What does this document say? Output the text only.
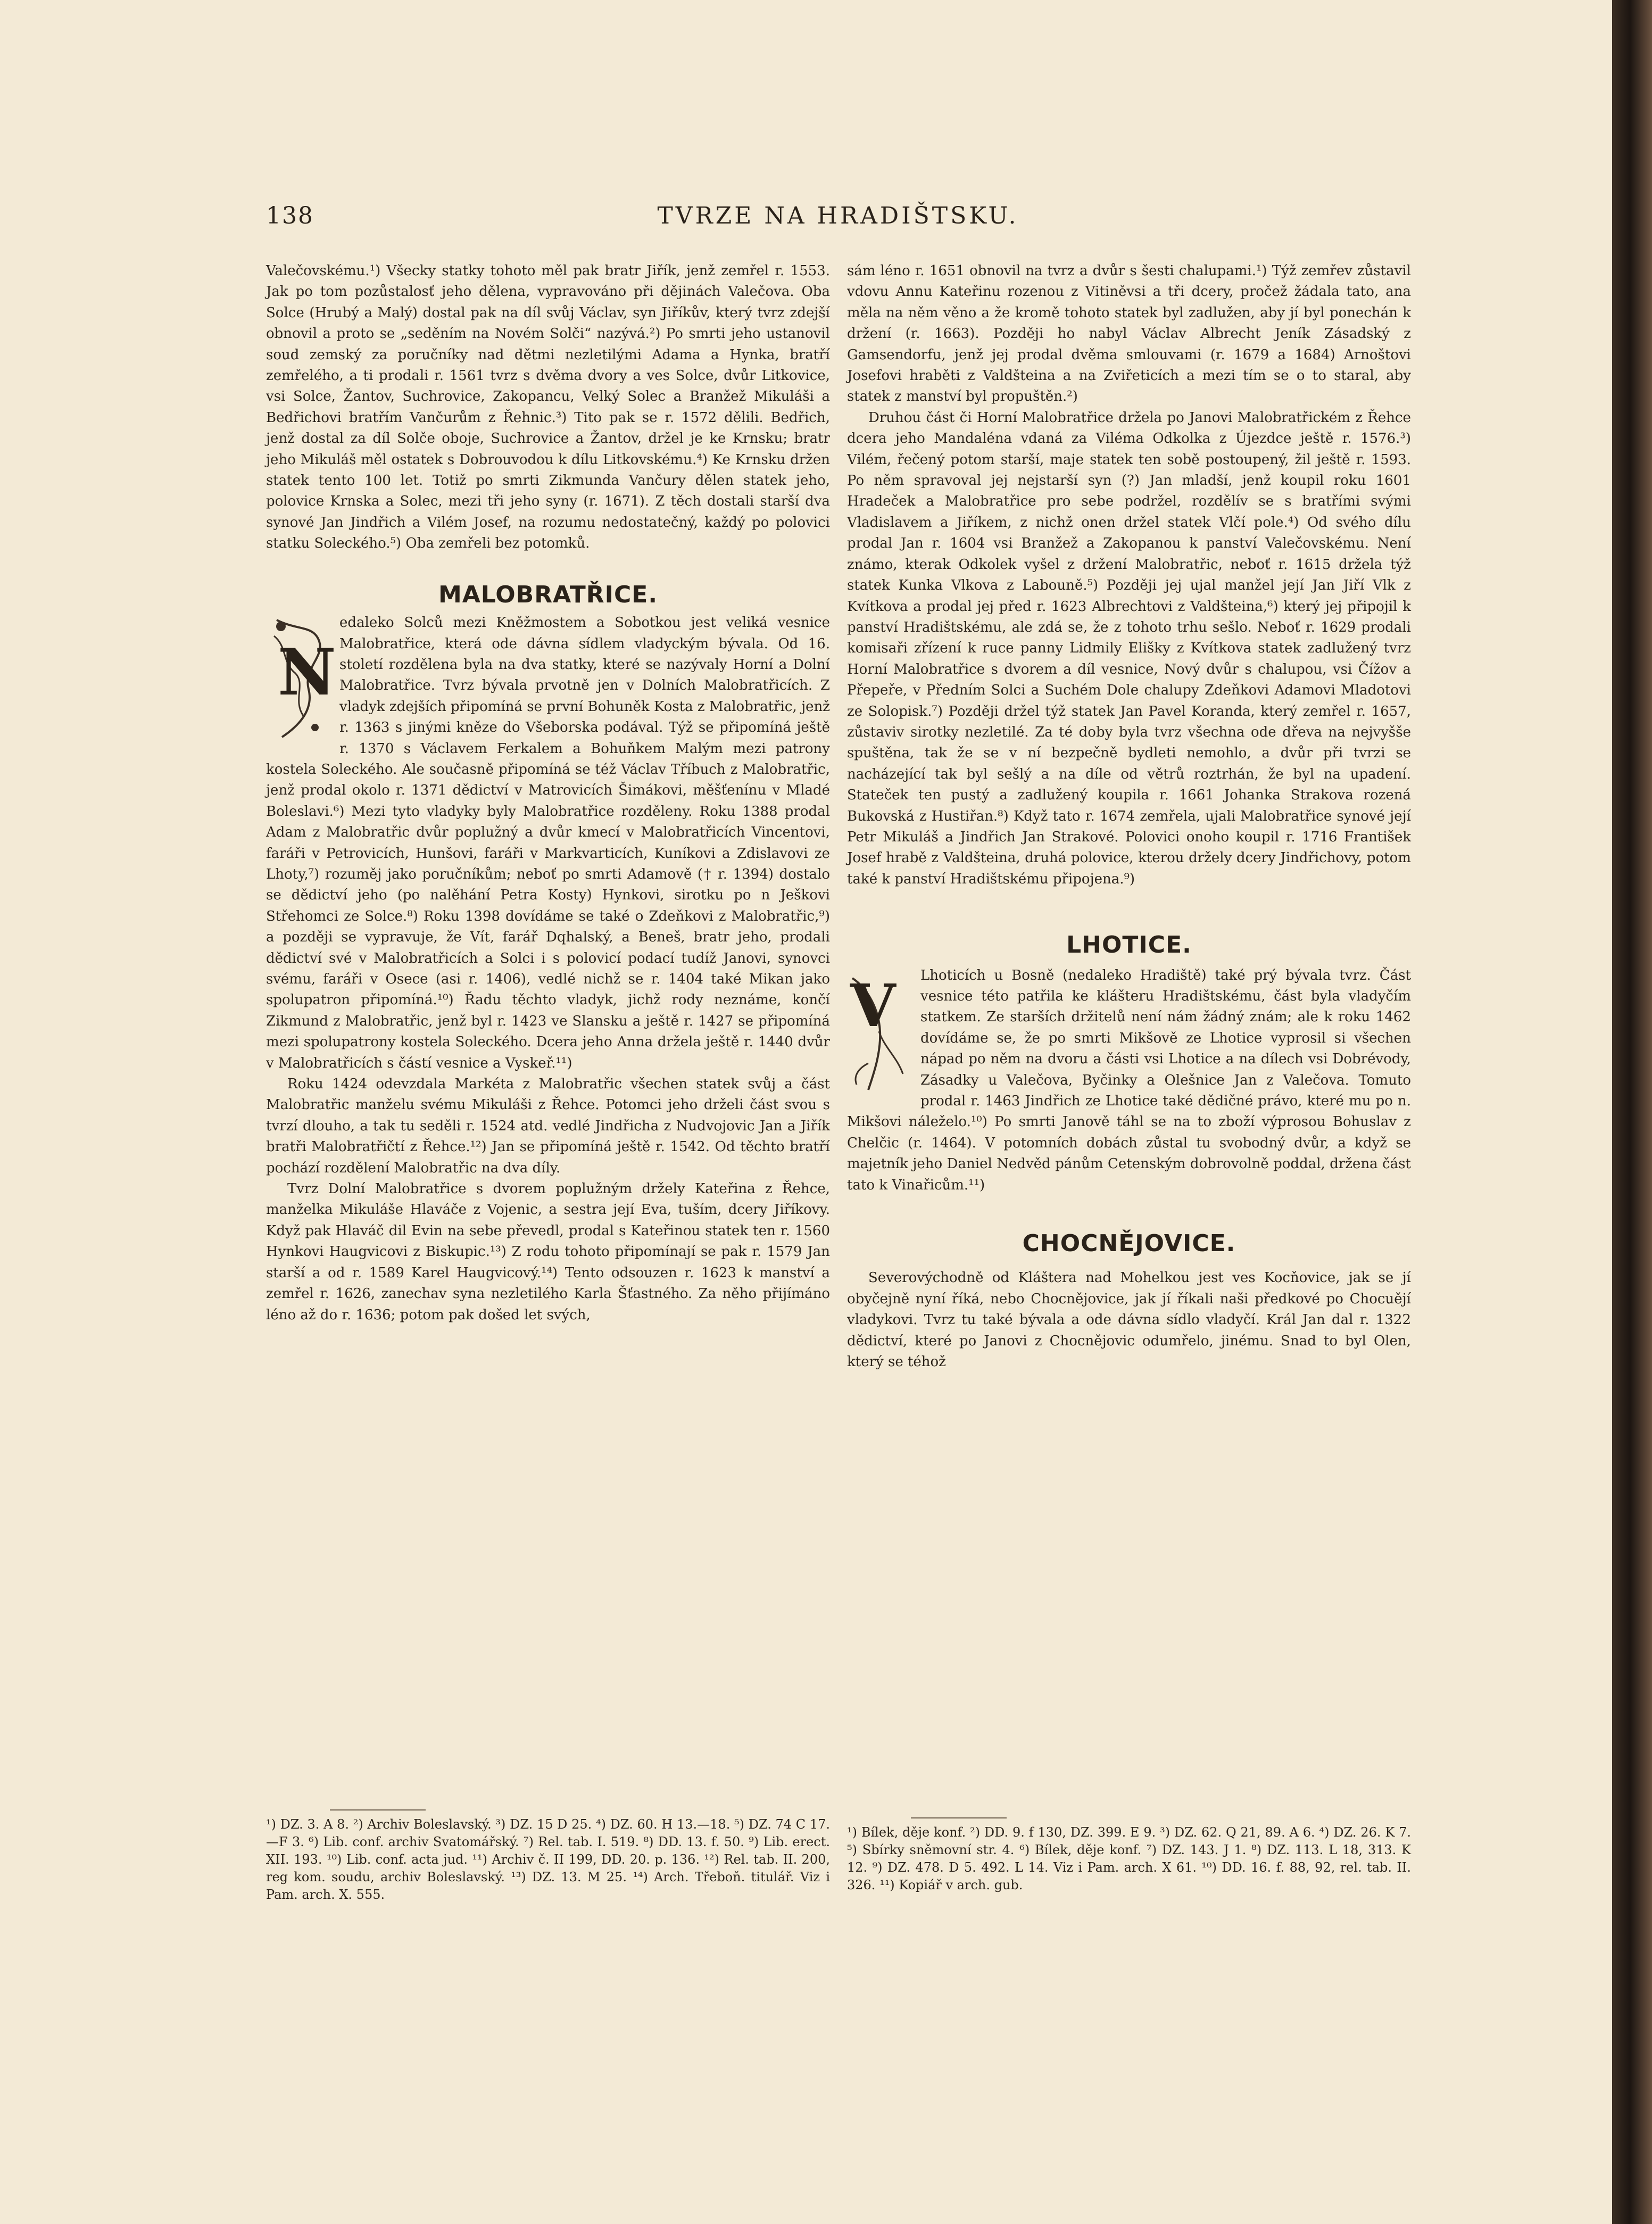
138	TVRZE NA HRADIŠTSKU.

Valečovskému.¹) Všecky statky tohoto měl pak bratr Jiřík, jenž zemřel r. 1553. Jak po tom pozůstalosť jeho dělena, vypravováno při dějinách Valečova. Oba Solce (Hrubý a Malý) dostal pak na díl svůj Václav, syn Jiříkův, který tvrz zdejší obnovil a proto se „seděním na Novém Solči“ nazývá.²) Po smrti jeho ustanovil soud zemský za poručníky nad dětmi nezletilými Adama a Hynka, bratří zemřelého, a ti prodali r. 1561 tvrz s dvěma dvory a ves Solce, dvůr Litkovice, vsi Solce, Žantov, Suchrovice, Zakopancu, Velký Solec a Branžež Mikuláši a Bedřichovi bratřím Vančurům z Řehnic.³) Tito pak se r. 1572 dělili. Bedřich, jenž dostal za díl Solče oboje, Suchrovice a Žantov, držel je ke Krnsku; bratr jeho Mikuláš měl ostatek s Dobrouvodou k dílu Litkovskému.⁴) Ke Krnsku držen statek tento 100 let. Totiž po smrti Zikmunda Vančury dělen statek jeho, polovice Krnska a Solec, mezi tři jeho syny (r. 1671). Z těch dostali starší dva synové Jan Jindřich a Vilém Josef, na rozumu nedostatečný, každý po polovici statku Soleckého.⁵) Oba zemřeli bez potomků.

MALOBRATŘICE.
N

edaleko Solců mezi Kněžmostem a Sobotkou jest veliká vesnice Malobratřice, která ode dávna sídlem vladyckým bývala. Od 16. století rozdělena byla na dva statky, které se nazývaly Horní a Dolní Malobratřice. Tvrz bývala prvotně jen v Dolních Malobratřicích. Z vladyk zdejších připomíná se první Bohuněk Kosta z Malobratřic, jenž r. 1363 s jinými kněze do Všeborska podával. Týž se připomíná ještě r. 1370 s Václavem Ferkalem a Bohuňkem Malým mezi patrony kostela Soleckého. Ale současně připomíná se též Václav Tříbuch z Malobratřic, jenž prodal okolo r. 1371 dědictví v Matrovicích Šimákovi, měšťenínu v Mladé Boleslavi.⁶) Mezi tyto vladyky byly Malobratřice rozděleny. Roku 1388 prodal Adam z Malobratřic dvůr poplužný a dvůr kmecí v Malobratřicích Vincentovi, faráři v Petrovicích, Hunšovi, faráři v Markvarticích, Kuníkovi a Zdislavovi ze Lhoty,⁷) rozuměj jako poručníkům; neboť po smrti Adamově († r. 1394) dostalo se dědictví jeho (po nalěhání Petra Kosty) Hynkovi, sirotku po n Ješkovi Střehomci ze Solce.⁸) Roku 1398 dovídáme se také o Zdeňkovi z Malobratřic,⁹) a později se vypravuje, že Vít, farář Dqhalský, a Beneš, bratr jeho, prodali dědictví své v Malobratřicích a Solci i s polovicí podací tudíž Janovi, synovci svému, faráři v Osece (asi r. 1406), vedlé nichž se r. 1404 také Mikan jako spolupatron připomíná.¹⁰) Řadu těchto vladyk, jichž rody neznáme, končí Zikmund z Malobratřic, jenž byl r. 1423 ve Slansku a ještě r. 1427 se připomíná mezi spolupatrony kostela Soleckého. Dcera jeho Anna držela ještě r. 1440 dvůr v Malobratřicích s částí vesnice a Vyskeř.¹¹)

Roku 1424 odevzdala Markéta z Malobratřic všechen statek svůj a část Malobratřic manželu svému Mikuláši z Řehce. Potomci jeho drželi část svou s tvrzí dlouho, a tak tu seděli r. 1524 atd. vedlé Jindřicha z Nudvojovic Jan a Jiřík bratři Malobratřičtí z Řehce.¹²) Jan se připomíná ještě r. 1542. Od těchto bratří pochází rozdělení Malobratřic na dva díly.

Tvrz Dolní Malobratřice s dvorem poplužným držely Kateřina z Řehce, manželka Mikuláše Hlaváče z Vojenic, a sestra její Eva, tuším, dcery Jiříkovy. Když pak Hlaváč dil Evin na sebe převedl, prodal s Kateřinou statek ten r. 1560 Hynkovi Haugvicovi z Biskupic.¹³) Z rodu tohoto připomínají se pak r. 1579 Jan starší a od r. 1589 Karel Haugvicový.¹⁴) Tento odsouzen r. 1623 k manství a zemřel r. 1626, zanechav syna nezletilého Karla Šťastného. Za něho přijímáno léno až do r. 1636; potom pak došed let svých,

¹) DZ. 3. A 8. ²) Archiv Boleslavský. ³) DZ. 15 D 25. ⁴) DZ. 60. H 13.—18. ⁵) DZ. 74 C 17.—F 3. ⁶) Lib. conf. archiv Svatomářský. ⁷) Rel. tab. I. 519. ⁸) DD. 13. f. 50. ⁹) Lib. erect. XII. 193. ¹⁰) Lib. conf. acta jud. ¹¹) Archiv č. II 199, DD. 20. p. 136. ¹²) Rel. tab. II. 200, reg kom. soudu, archiv Boleslavský. ¹³) DZ. 13. M 25. ¹⁴) Arch. Třeboň. titulář. Viz i Pam. arch. X. 555.

sám léno r. 1651 obnovil na tvrz a dvůr s šesti chalupami.¹) Týž zemřev zůstavil vdovu Annu Kateřinu rozenou z Vitiněvsi a tři dcery, pročež žádala tato, ana měla na něm věno a že kromě tohoto statek byl zadlužen, aby jí byl ponechán k držení (r. 1663). Později ho nabyl Václav Albrecht Jeník Zásadský z Gamsendorfu, jenž jej prodal dvěma smlouvami (r. 1679 a 1684) Arnoštovi Josefovi hraběti z Valdšteina a na Zviřeticích a mezi tím se o to staral, aby statek z manství byl propuštěn.²)

Druhou část či Horní Malobratřice držela po Janovi Malobratřickém z Řehce dcera jeho Mandaléna vdaná za Viléma Odkolka z Újezdce ještě r. 1576.³) Vilém, řečený potom starší, maje statek ten sobě postoupený, žil ještě r. 1593. Po něm spravoval jej nejstarší syn (?) Jan mladší, jenž koupil roku 1601 Hradeček a Malobratřice pro sebe podržel, rozdělív se s bratřími svými Vladislavem a Jiříkem, z nichž onen držel statek Vlčí pole.⁴) Od svého dílu prodal Jan r. 1604 vsi Branžež a Zakopanou k panství Valečovskému. Není známo, kterak Odkolek vyšel z držení Malobratřic, neboť r. 1615 držela týž statek Kunka Vlkova z Labouně.⁵) Později jej ujal manžel její Jan Jiří Vlk z Kvítkova a prodal jej před r. 1623 Albrechtovi z Valdšteina,⁶) který jej připojil k panství Hradištskému, ale zdá se, že z tohoto trhu sešlo. Neboť r. 1629 prodali komisaři zřízení k ruce panny Lidmily Elišky z Kvítkova statek zadlužený tvrz Horní Malobratřice s dvorem a díl vesnice, Nový dvůr s chalupou, vsi Čížov a Přepeře, v Předním Solci a Suchém Dole chalupy Zdeňkovi Adamovi Mladotovi ze Solopisk.⁷) Později držel týž statek Jan Pavel Koranda, který zemřel r. 1657, zůstaviv sirotky nezletilé. Za té doby byla tvrz všechna ode dřeva na nejvyšše spuštěna, tak že se v ní bezpečně bydleti nemohlo, a dvůr při tvrzi se nacházející tak byl sešlý a na díle od větrů roztrhán, že byl na upadení. Stateček ten pustý a zadlužený koupila r. 1661 Johanka Strakova rozená Bukovská z Hustiřan.⁸) Když tato r. 1674 zemřela, ujali Malobratřice synové její Petr Mikuláš a Jindřich Jan Strakové. Polovici onoho koupil r. 1716 František Josef hrabě z Valdšteina, druhá polovice, kterou držely dcery Jindřichovy, potom také k panství Hradištskému připojena.⁹)

LHOTICE.
V	Lhoticích u Bosně (nedaleko Hradiště) také prý bývala tvrz. Část vesnice této patřila ke klášteru Hradištskému, část byla vladyčím statkem. Ze starších držitelů není nám žádný znám; ale k roku 1462 dovídáme se, že po smrti Mikšově ze Lhotice vyprosil si všechen nápad po něm na dvoru a části vsi Lhotice a na dílech vsi Dobrévody, Zásadky u Valečova, Byčinky a Olešnice Jan z Valečova. Tomuto prodal r. 1463 Jindřich ze Lhotice také dědičné právo, které mu po n. Mikšovi náleželo.¹⁰) Po smrti Janově táhl se na to zboží výprosou Bohuslav z Chelčic (r. 1464). V potomních dobách zůstal tu svobodný dvůr, a když se majetník jeho Daniel Nedvěd pánům Cetenským dobrovolně poddal, držena část tato k Vinařicům.¹¹)

CHOCNĚJOVICE.

Severovýchodně od Kláštera nad Mohelkou jest ves Kocňovice, jak se jí obyčejně nyní říká, nebo Chocnějovice, jak jí říkali naši předkové po Chocuějí vladykovi. Tvrz tu také bývala a ode dávna sídlo vladyčí. Král Jan dal r. 1322 dědictví, které po Janovi z Chocnějovic odumřelo, jinému. Snad to byl Olen, který se téhož

¹) Bílek, děje konf. ²) DD. 9. f 130, DZ. 399. E 9. ³) DZ. 62. Q 21, 89. A 6. ⁴) DZ. 26. K 7. ⁵) Sbírky sněmovní str. 4. ⁶) Bílek, děje konf. ⁷) DZ. 143. J 1. ⁸) DZ. 113. L 18, 313. K 12. ⁹) DZ. 478. D 5. 492. L 14. Viz i Pam. arch. X 61. ¹⁰) DD. 16. f. 88, 92, rel. tab. II. 326. ¹¹) Kopiář v arch. gub.
